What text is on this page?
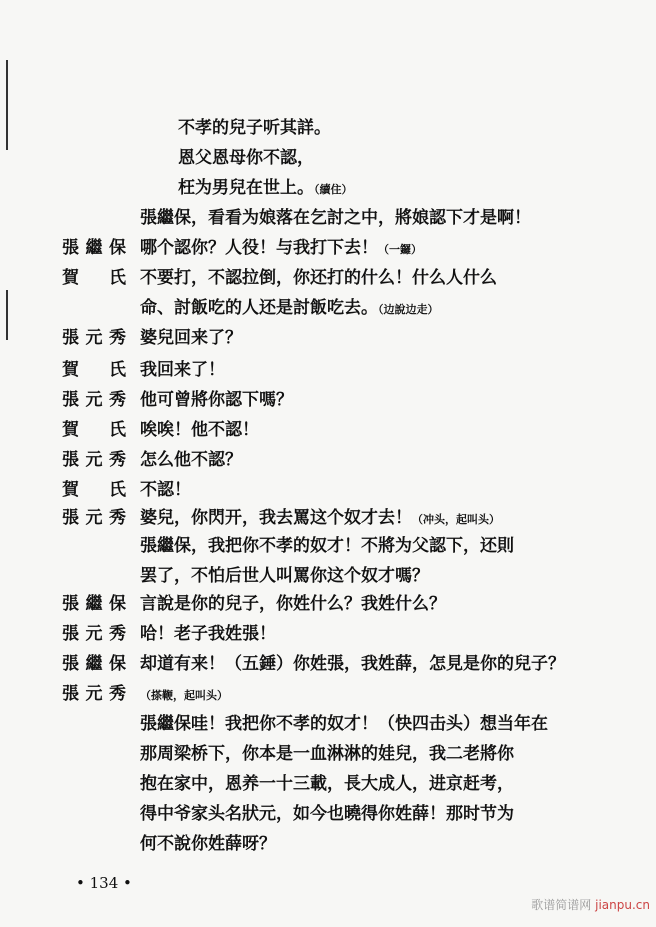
不孝的兒子听其詳。
恩父恩母你不認，
枉为男兒在世上。（續住）
張繼保，看看为娘落在乞討之中，將娘認下才是啊！
張繼保 哪个認你？人役！与我打下去！（一鑼）
賀　氏 不要打，不認拉倒，你还打的什么！什么人什么
命、討飯吃的人还是討飯吃去。（边說边走）
張元秀 婆兒回来了？
賀　氏 我回来了！
張元秀 他可曾將你認下嗎？
賀　氏 唉唉！他不認！
張元秀 怎么他不認？
賀　氏 不認！
張元秀 婆兒，你閃开，我去罵这个奴才去！（冲头，起叫头）
張繼保，我把你不孝的奴才！不將为父認下，还則
罢了，不怕后世人叫罵你这个奴才嗎？
張繼保 言說是你的兒子，你姓什么？我姓什么？
張元秀 哈！老子我姓張！
張繼保 却道有来！（五錘）你姓張，我姓薛，怎見是你的兒子？
張元秀 （搽鞭，起叫头）
張繼保哇！我把你不孝的奴才！（快四击头）想当年在
那周梁桥下，你本是一血淋淋的娃兒，我二老將你
抱在家中，恩养一十三載，長大成人，进京赶考，
得中爷家头名狀元，如今也曉得你姓薛！那时节为
何不說你姓薛呀？
• 134 •
歌谱简谱网 jianpu.cn
